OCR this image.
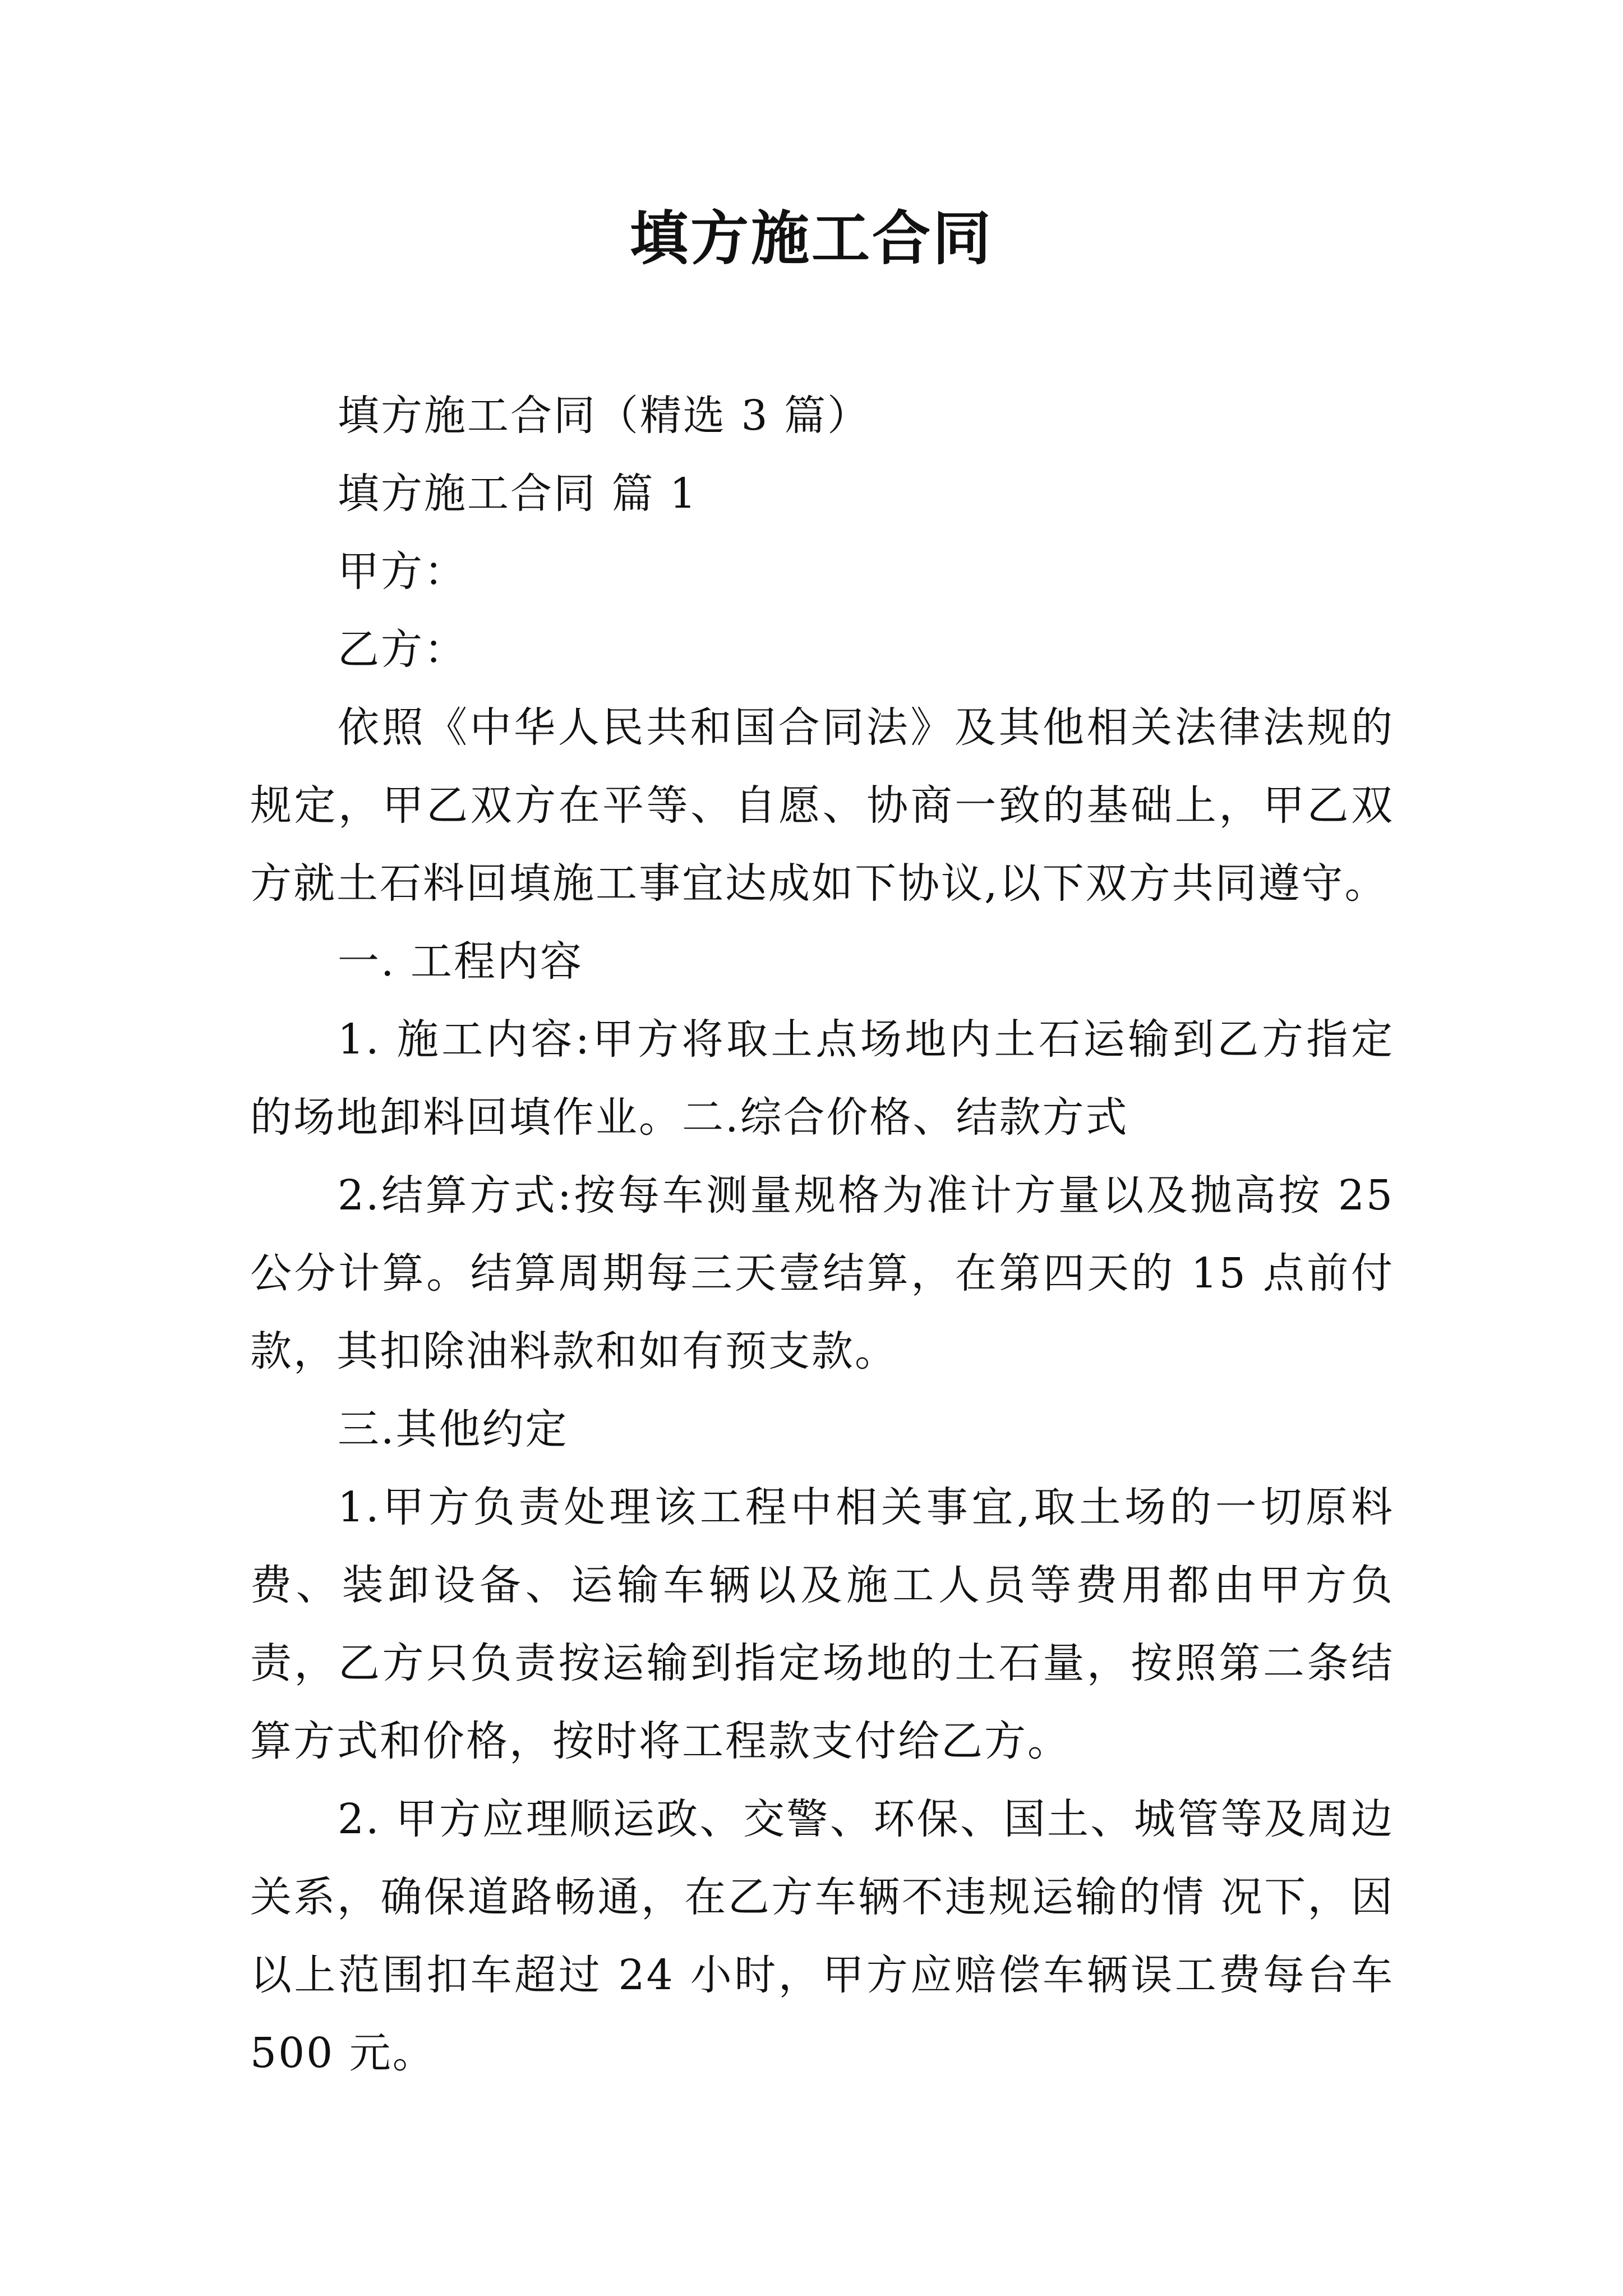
填方施工合同

填方施工合同（精选 3 篇）

填方施工合同 篇 1

甲方：

乙方：

依照《中华人民共和国合同法》及其他相关法律法规的规定，甲乙双方在平等、自愿、协商一致的基础上，甲乙双方就土石料回填施工事宜达成如下协议,以下双方共同遵守。

一. 工程内容

1. 施工内容:甲方将取土点场地内土石运输到乙方指定的场地卸料回填作业。二.综合价格、结款方式

2.结算方式:按每车测量规格为准计方量以及抛高按 25 公分计算。结算周期每三天壹结算，在第四天的 15 点前付款，其扣除油料款和如有预支款。

三.其他约定

1.甲方负责处理该工程中相关事宜,取土场的一切原料费、装卸设备、运输车辆以及施工人员等费用都由甲方负责，乙方只负责按运输到指定场地的土石量，按照第二条结算方式和价格，按时将工程款支付给乙方。

2. 甲方应理顺运政、交警、环保、国土、城管等及周边关系，确保道路畅通，在乙方车辆不违规运输的情 况下，因以上范围扣车超过 24 小时，甲方应赔偿车辆误工费每台车 500 元。
